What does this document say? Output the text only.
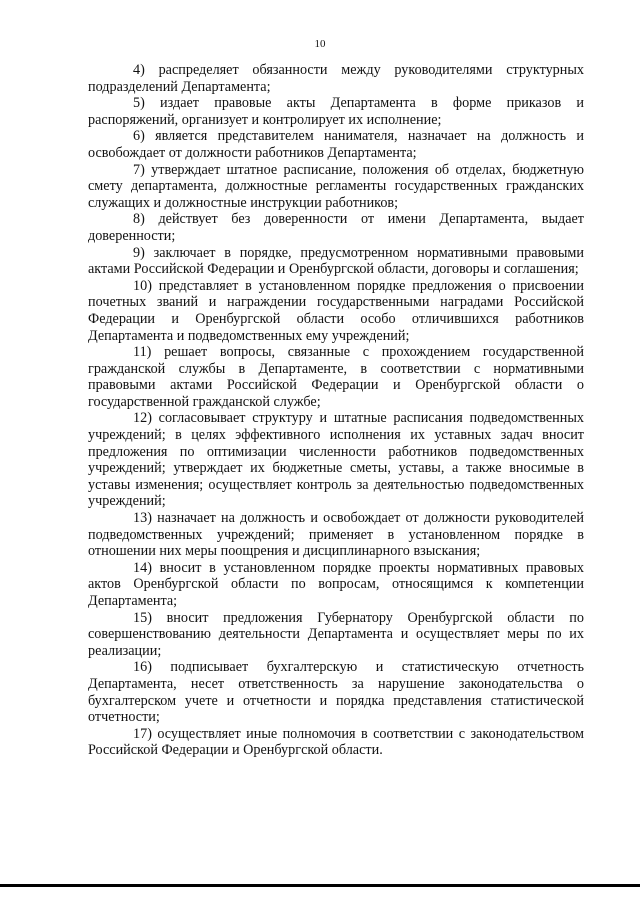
10

4) распределяет обязанности между руководителями структурных подразделений Департамента;

5) издает правовые акты Департамента в форме приказов и распоряжений, организует и контролирует их исполнение;

6) является представителем нанимателя, назначает на должность и освобождает от должности работников Департамента;

7) утверждает штатное расписание, положения об отделах, бюджетную смету департамента, должностные регламенты государственных гражданских служащих и должностные инструкции работников;

8) действует без доверенности от имени Департамента, выдает доверенности;

9) заключает в порядке, предусмотренном нормативными правовыми актами Российской Федерации и Оренбургской области, договоры и соглашения;

10) представляет в установленном порядке предложения о присвоении почетных званий и награждении государственными наградами Российской Федерации и Оренбургской области особо отличившихся работников Департамента и подведомственных ему учреждений;

11) решает вопросы, связанные с прохождением государственной гражданской службы в Департаменте, в соответствии с нормативными правовыми актами Российской Федерации и Оренбургской области о государственной гражданской службе;

12) согласовывает структуру и штатные расписания подведомственных учреждений; в целях эффективного исполнения их уставных задач вносит предложения по оптимизации численности работников подведомственных учреждений; утверждает их бюджетные сметы, уставы, а также вносимые в уставы изменения; осуществляет контроль за деятельностью подведомственных учреждений;

13) назначает на должность и освобождает от должности руководителей подведомственных учреждений; применяет в установленном порядке в отношении них меры поощрения и дисциплинарного взыскания;

14) вносит в установленном порядке проекты нормативных правовых актов Оренбургской области по вопросам, относящимся к компетенции Департамента;

15) вносит предложения Губернатору Оренбургской области по совершенствованию деятельности Департамента и осуществляет меры по их реализации;

16) подписывает бухгалтерскую и статистическую отчетность Департамента, несет ответственность за нарушение законодательства о бухгалтерском учете и отчетности и порядка представления статистической отчетности;

17) осуществляет иные полномочия в соответствии с законодательством Российской Федерации и Оренбургской области.
